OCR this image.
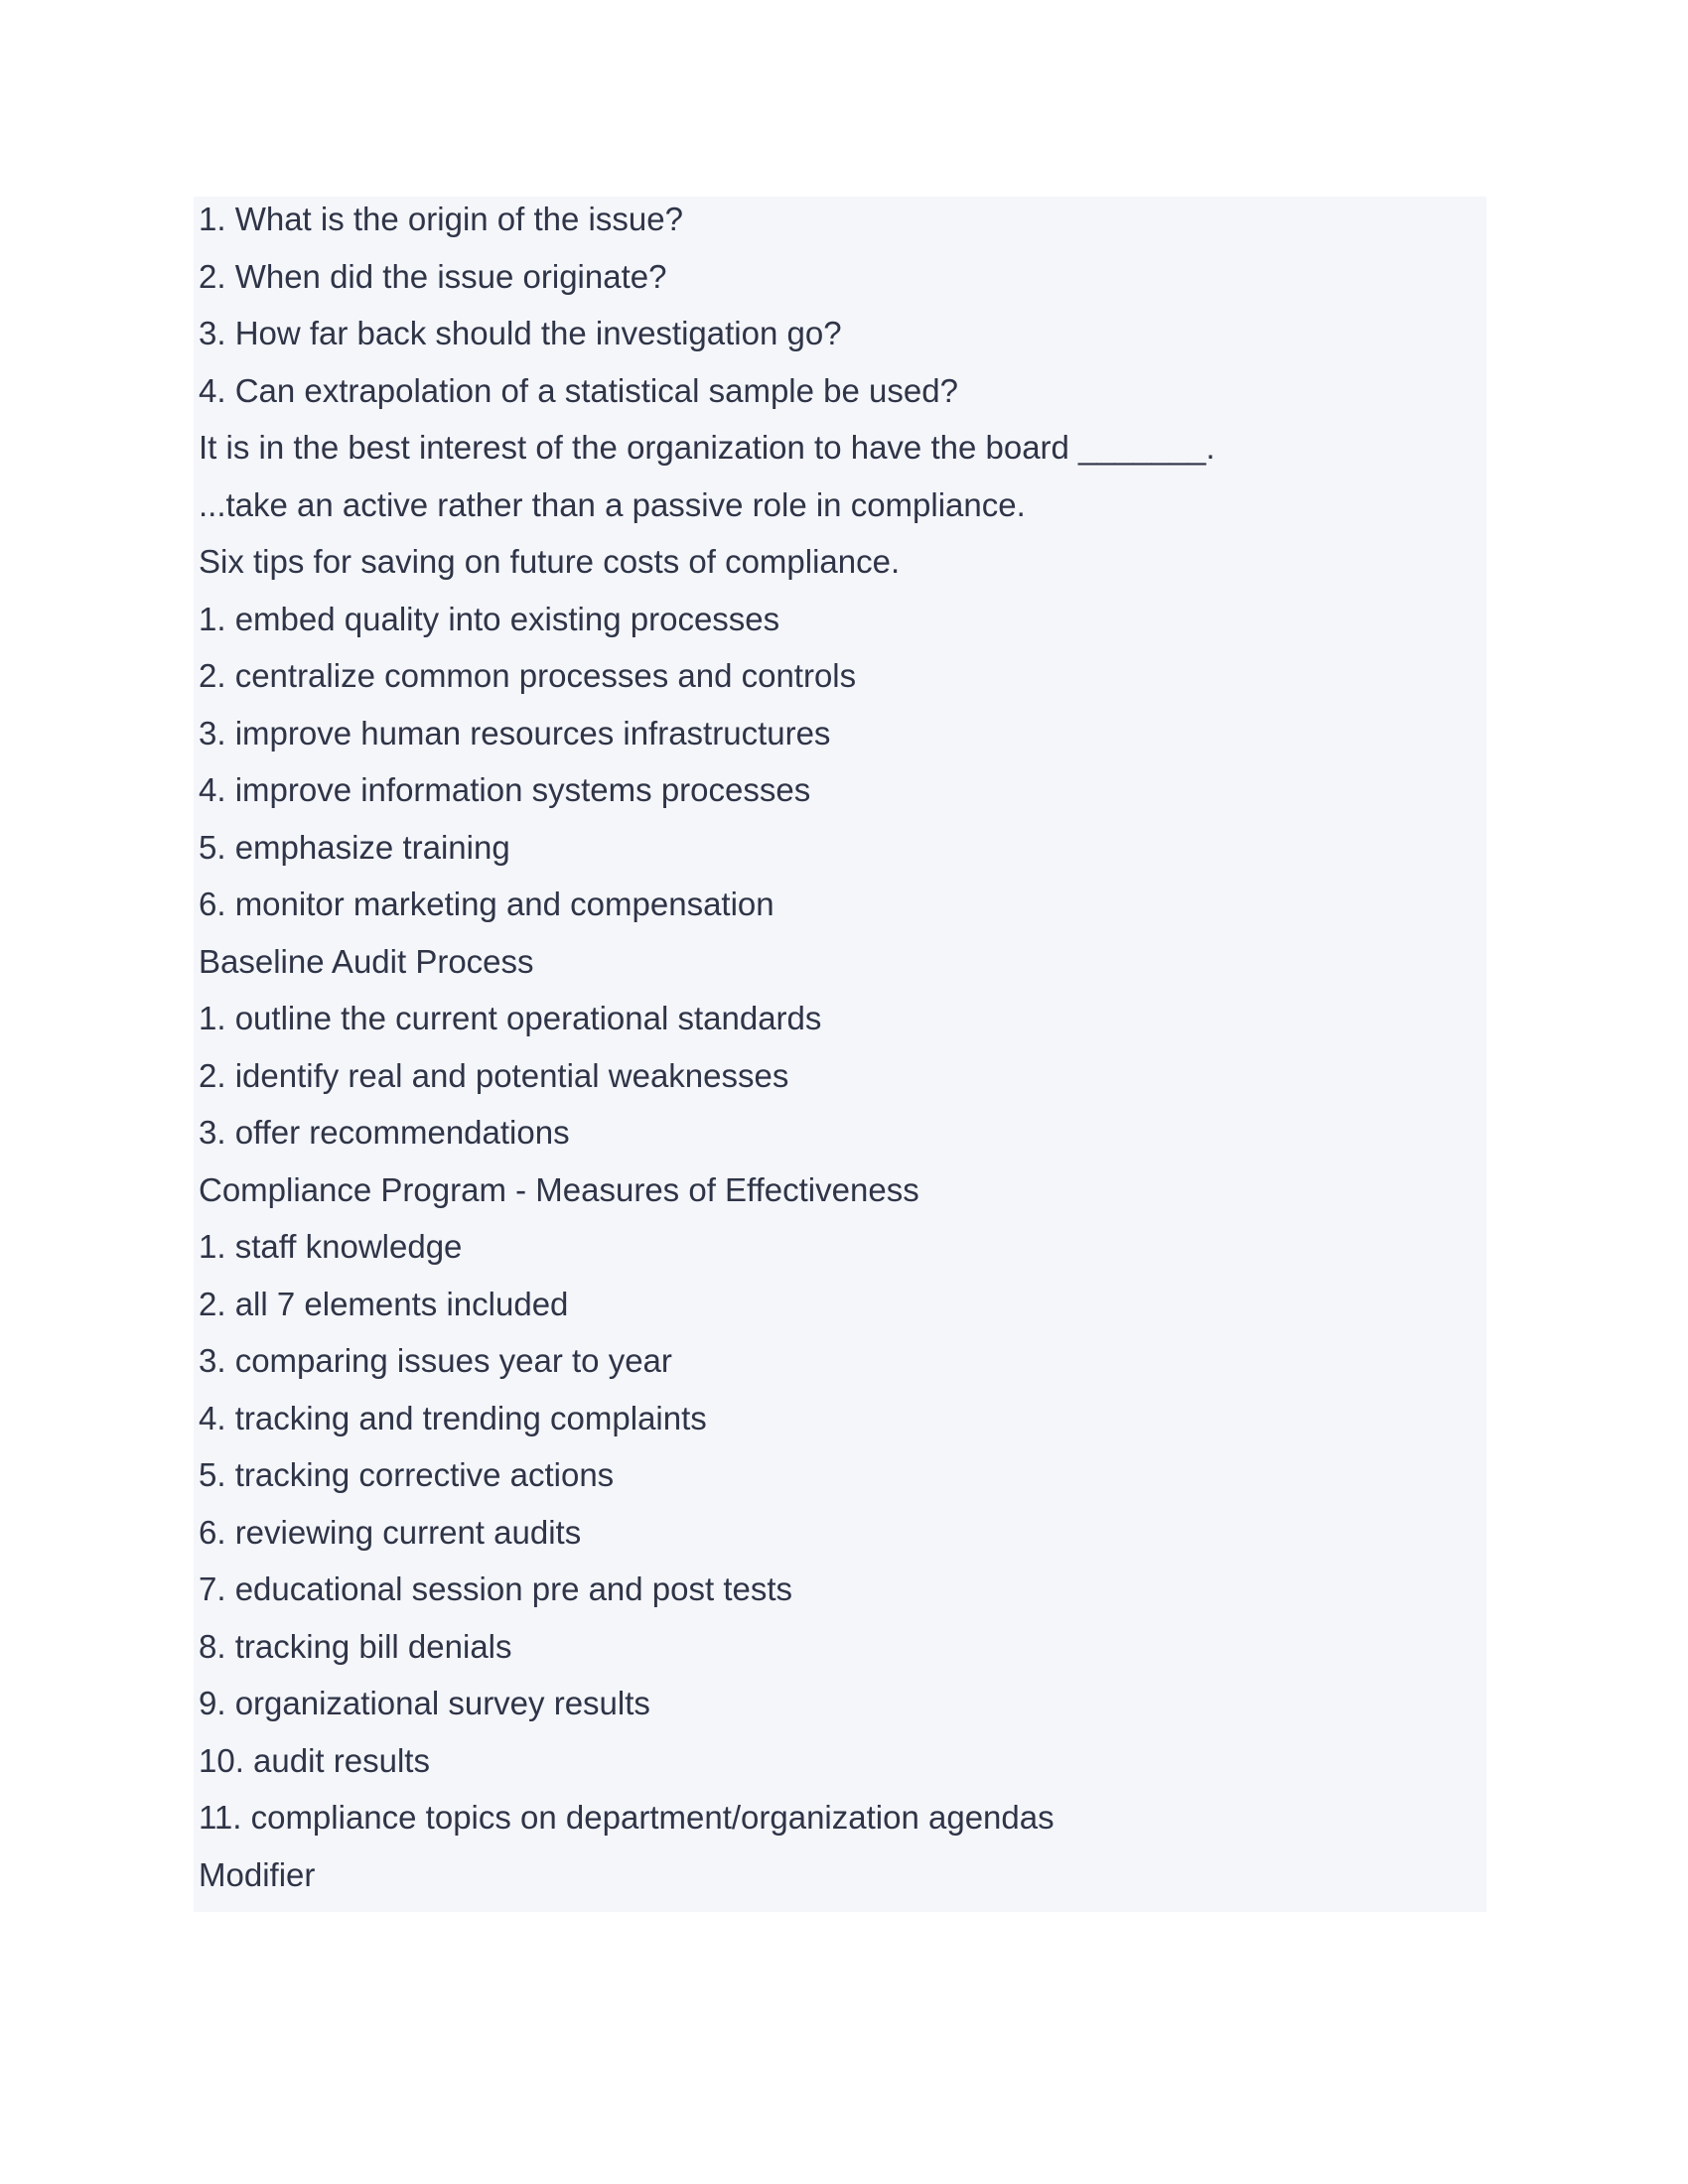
1. What is the origin of the issue?
2. When did the issue originate?
3. How far back should the investigation go?
4. Can extrapolation of a statistical sample be used?
It is in the best interest of the organization to have the board _______.
...take an active rather than a passive role in compliance.
Six tips for saving on future costs of compliance.
1. embed quality into existing processes
2. centralize common processes and controls
3. improve human resources infrastructures
4. improve information systems processes
5. emphasize training
6. monitor marketing and compensation
Baseline Audit Process
1. outline the current operational standards
2. identify real and potential weaknesses
3. offer recommendations
Compliance Program - Measures of Effectiveness
1. staff knowledge
2. all 7 elements included
3. comparing issues year to year
4. tracking and trending complaints
5. tracking corrective actions
6. reviewing current audits
7. educational session pre and post tests
8. tracking bill denials
9. organizational survey results
10. audit results
11. compliance topics on department/organization agendas
Modifier
